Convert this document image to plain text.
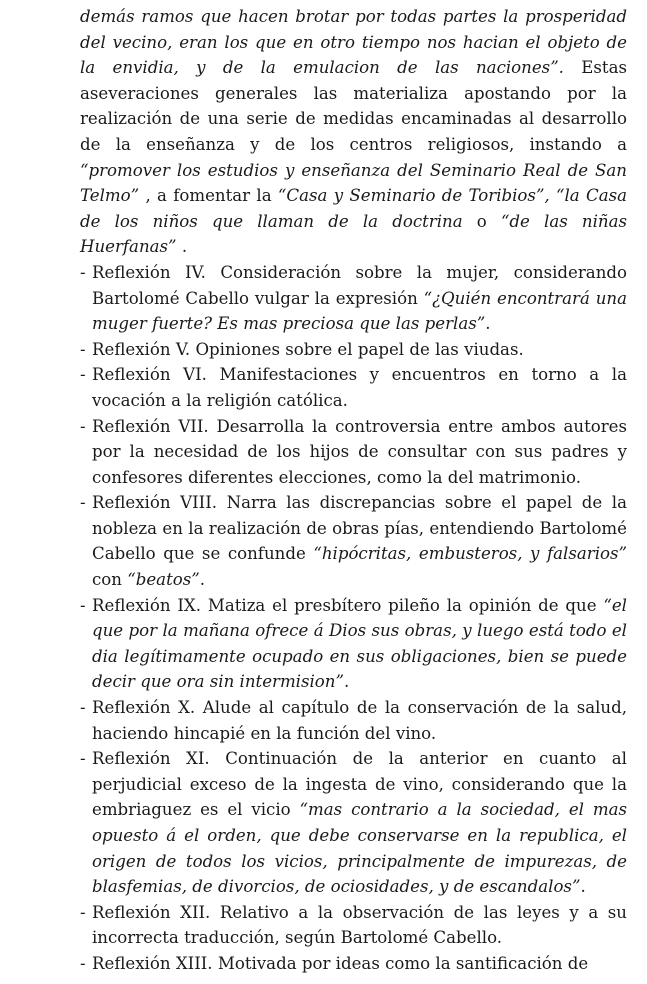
demás ramos que hacen brotar por todas partes la prosperidad del vecino, eran los que en otro tiempo nos hacian el objeto de la envidia, y de la emulacion de las naciones”. Estas aseveraciones generales las materializa apostando por la realización de una serie de medidas encaminadas al desarrollo de la enseñanza y de los centros religiosos, instando a “promover los estudios y enseñanza del Seminario Real de San Telmo” , a fomentar la “Casa y Seminario de Toribios”, “la Casa de los niños que llaman de la doctrina o “de las niñas Huerfanas” .

- Reflexión IV. Consideración sobre la mujer, considerando Bartolomé Cabello vulgar la expresión “¿Quién encontrará una muger fuerte? Es mas preciosa que las perlas”.

- Reflexión V. Opiniones sobre el papel de las viudas.

- Reflexión VI. Manifestaciones y encuentros en torno a la vocación a la religión católica.

- Reflexión VII. Desarrolla la controversia entre ambos autores por la necesidad de los hijos de consultar con sus padres y confesores diferentes elecciones, como la del matrimonio.

- Reflexión VIII. Narra las discrepancias sobre el papel de la nobleza en la realización de obras pías, entendiendo Bartolomé Cabello que se confunde “hipócritas, embusteros, y falsarios” con “beatos”.

- Reflexión IX. Matiza el presbítero pileño la opinión de que “el que por la mañana ofrece á Dios sus obras, y luego está todo el dia legítimamente ocupado en sus obligaciones, bien se puede decir que ora sin intermision”.

- Reflexión X. Alude al capítulo de la conservación de la salud, haciendo hincapié en la función del vino.

- Reflexión XI. Continuación de la anterior en cuanto al perjudicial exceso de la ingesta de vino, considerando que la embriaguez es el vicio “mas contrario a la sociedad, el mas opuesto á el orden, que debe conservarse en la republica, el origen de todos los vicios, principalmente de impurezas, de blasfemias, de divorcios, de ociosidades, y de escandalos”.

- Reflexión XII. Relativo a la observación de las leyes y a su incorrecta traducción, según Bartolomé Cabello.

- Reflexión XIII. Motivada por ideas como la santificación de
